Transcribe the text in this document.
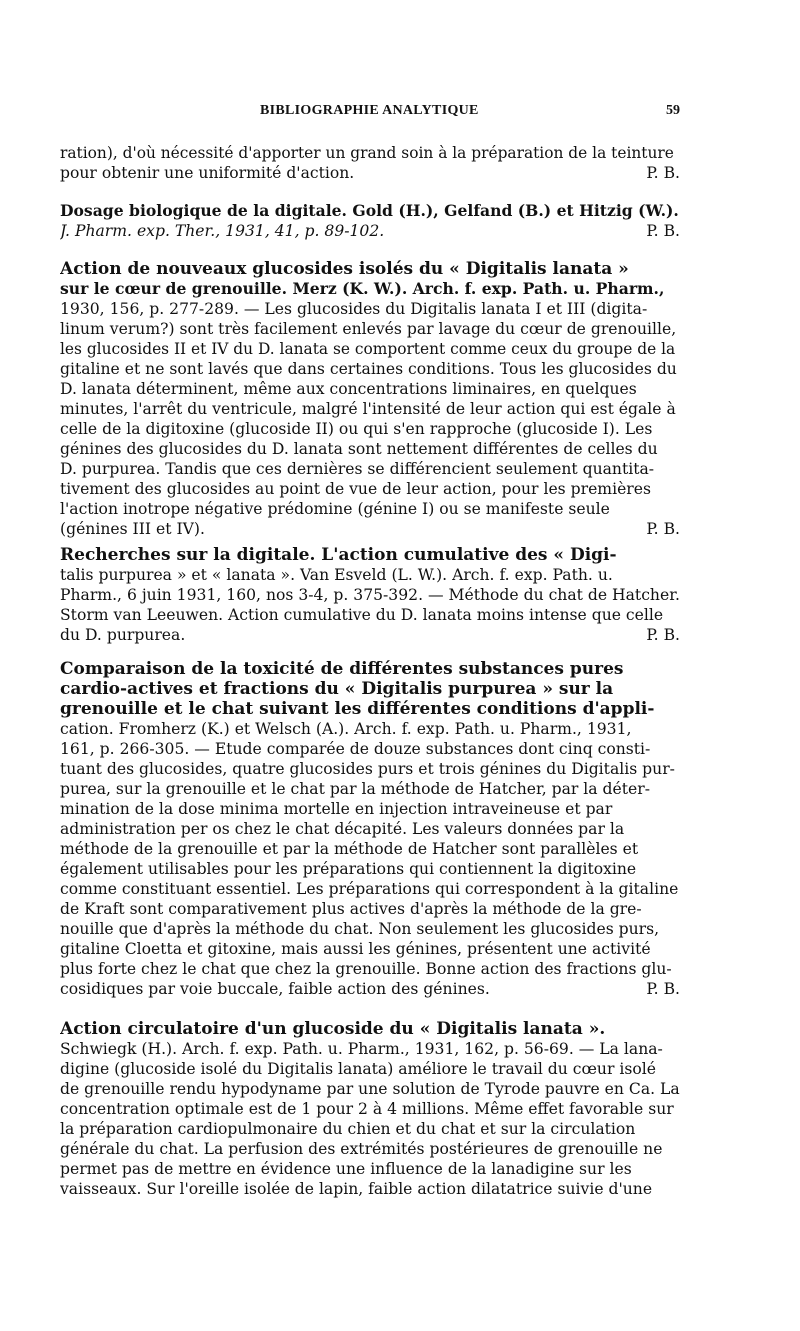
BIBLIOGRAPHIE ANALYTIQUE	59
ration), d'où nécessité d'apporter un grand soin à la préparation de la teinture
pour obtenir une uniformité d'action.	P. B.
Dosage biologique de la digitale. Gold (H.), Gelfand (B.) et Hitzig (W.).
J. Pharm. exp. Ther., 1931, 41, p. 89-102.	P. B.
Action de nouveaux glucosides isolés du « Digitalis lanata »
sur le cœur de grenouille. Merz (K. W.). Arch. f. exp. Path. u. Pharm.,
1930, 156, p. 277-289. — Les glucosides du Digitalis lanata I et III (digita-
linum verum?) sont très facilement enlevés par lavage du cœur de grenouille,
les glucosides II et IV du D. lanata se comportent comme ceux du groupe de la
gitaline et ne sont lavés que dans certaines conditions. Tous les glucosides du
D. lanata déterminent, même aux concentrations liminaires, en quelques
minutes, l'arrêt du ventricule, malgré l'intensité de leur action qui est égale à
celle de la digitoxine (glucoside II) ou qui s'en rapproche (glucoside I). Les
génines des glucosides du D. lanata sont nettement différentes de celles du
D. purpurea. Tandis que ces dernières se différencient seulement quantita-
tivement des glucosides au point de vue de leur action, pour les premières
l'action inotrope négative prédomine (génine I) ou se manifeste seule
(génines III et IV).	P. B.
Recherches sur la digitale. L'action cumulative des « Digi-
talis purpurea » et « lanata ». Van Esveld (L. W.). Arch. f. exp. Path. u.
Pharm., 6 juin 1931, 160, nos 3-4, p. 375-392. — Méthode du chat de Hatcher.
Storm van Leeuwen. Action cumulative du D. lanata moins intense que celle
du D. purpurea.	P. B.
Comparaison de la toxicité de différentes substances pures
cardio-actives et fractions du « Digitalis purpurea » sur la
grenouille et le chat suivant les différentes conditions d'appli-
cation. Fromherz (K.) et Welsch (A.). Arch. f. exp. Path. u. Pharm., 1931,
161, p. 266-305. — Etude comparée de douze substances dont cinq consti-
tuant des glucosides, quatre glucosides purs et trois génines du Digitalis pur-
purea, sur la grenouille et le chat par la méthode de Hatcher, par la déter-
mination de la dose minima mortelle en injection intraveineuse et par
administration per os chez le chat décapité. Les valeurs données par la
méthode de la grenouille et par la méthode de Hatcher sont parallèles et
également utilisables pour les préparations qui contiennent la digitoxine
comme constituant essentiel. Les préparations qui correspondent à la gitaline
de Kraft sont comparativement plus actives d'après la méthode de la gre-
nouille que d'après la méthode du chat. Non seulement les glucosides purs,
gitaline Cloetta et gitoxine, mais aussi les génines, présentent une activité
plus forte chez le chat que chez la grenouille. Bonne action des fractions glu-
cosidiques par voie buccale, faible action des génines.	P. B.
Action circulatoire d'un glucoside du « Digitalis lanata ».
Schwiegk (H.). Arch. f. exp. Path. u. Pharm., 1931, 162, p. 56-69. — La lana-
digine (glucoside isolé du Digitalis lanata) améliore le travail du cœur isolé
de grenouille rendu hypodyname par une solution de Tyrode pauvre en Ca. La
concentration optimale est de 1 pour 2 à 4 millions. Même effet favorable sur
la préparation cardiopulmonaire du chien et du chat et sur la circulation
générale du chat. La perfusion des extrémités postérieures de grenouille ne
permet pas de mettre en évidence une influence de la lanadigine sur les
vaisseaux. Sur l'oreille isolée de lapin, faible action dilatatrice suivie d'une
